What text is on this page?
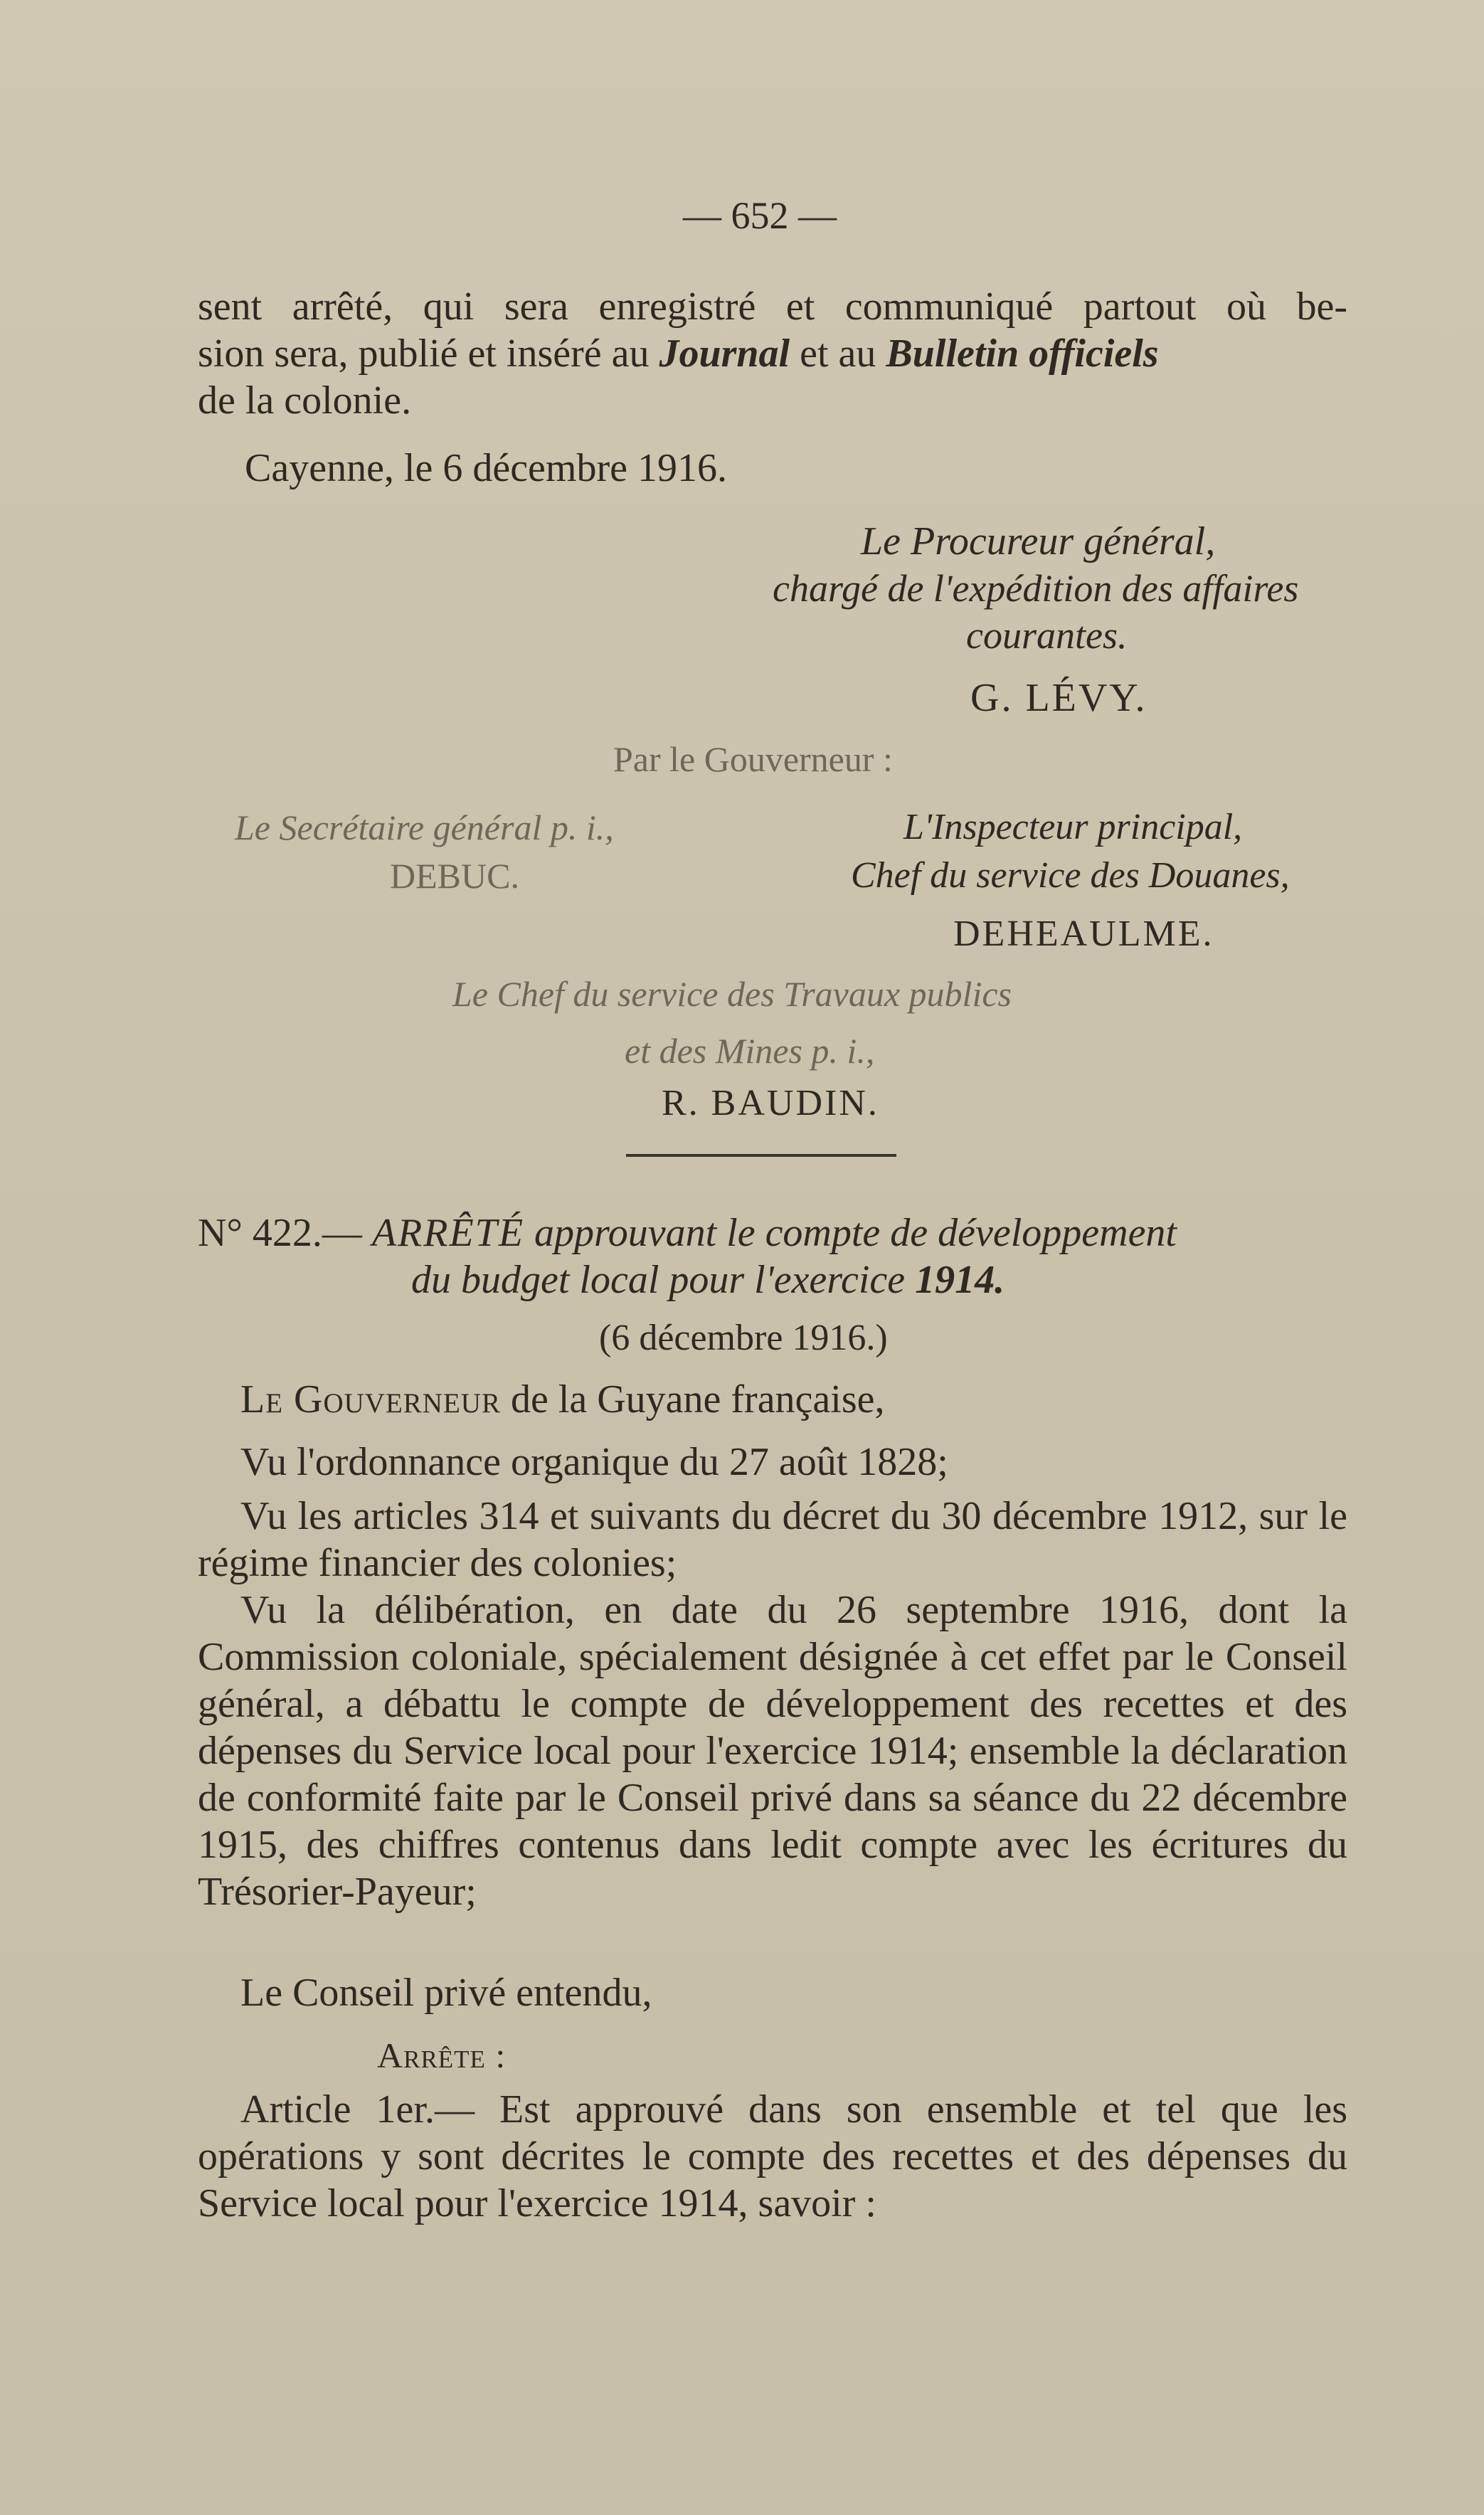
— 652 —
sent arrêté, qui sera enregistré et communiqué partout où be-
sion sera, publié et inséré au Journal et au Bulletin officiels
de la colonie.
Cayenne, le 6 décembre 1916.
Le Procureur général,
chargé de l'expédition des affaires
courantes.
G. LÉVY.
Par le Gouverneur :
Le Secrétaire général p. i.,
DEBUC.
L'Inspecteur principal,
Chef du service des Douanes,
DEHEAULME.
Le Chef du service des Travaux publics
et des Mines p. i.,
R. BAUDIN.
N° 422.— ARRÊTÉ approuvant le compte de développement
du budget local pour l'exercice 1914.
(6 décembre 1916.)
Le Gouverneur de la Guyane française,
Vu l'ordonnance organique du 27 août 1828;
Vu les articles 314 et suivants du décret du 30 décembre 1912, sur le régime financier des colonies;
Vu la délibération, en date du 26 septembre 1916, dont la Commission coloniale, spécialement désignée à cet effet par le Conseil général, a débattu le compte de développement des recettes et des dépenses du Service local pour l'exercice 1914; ensemble la déclaration de conformité faite par le Conseil privé dans sa séance du 22 décembre 1915, des chiffres contenus dans ledit compte avec les écritures du Trésorier-Payeur;
Le Conseil privé entendu,
Arrête :
Article 1er.— Est approuvé dans son ensemble et tel que les opérations y sont décrites le compte des recettes et des dépenses du Service local pour l'exercice 1914, savoir :
